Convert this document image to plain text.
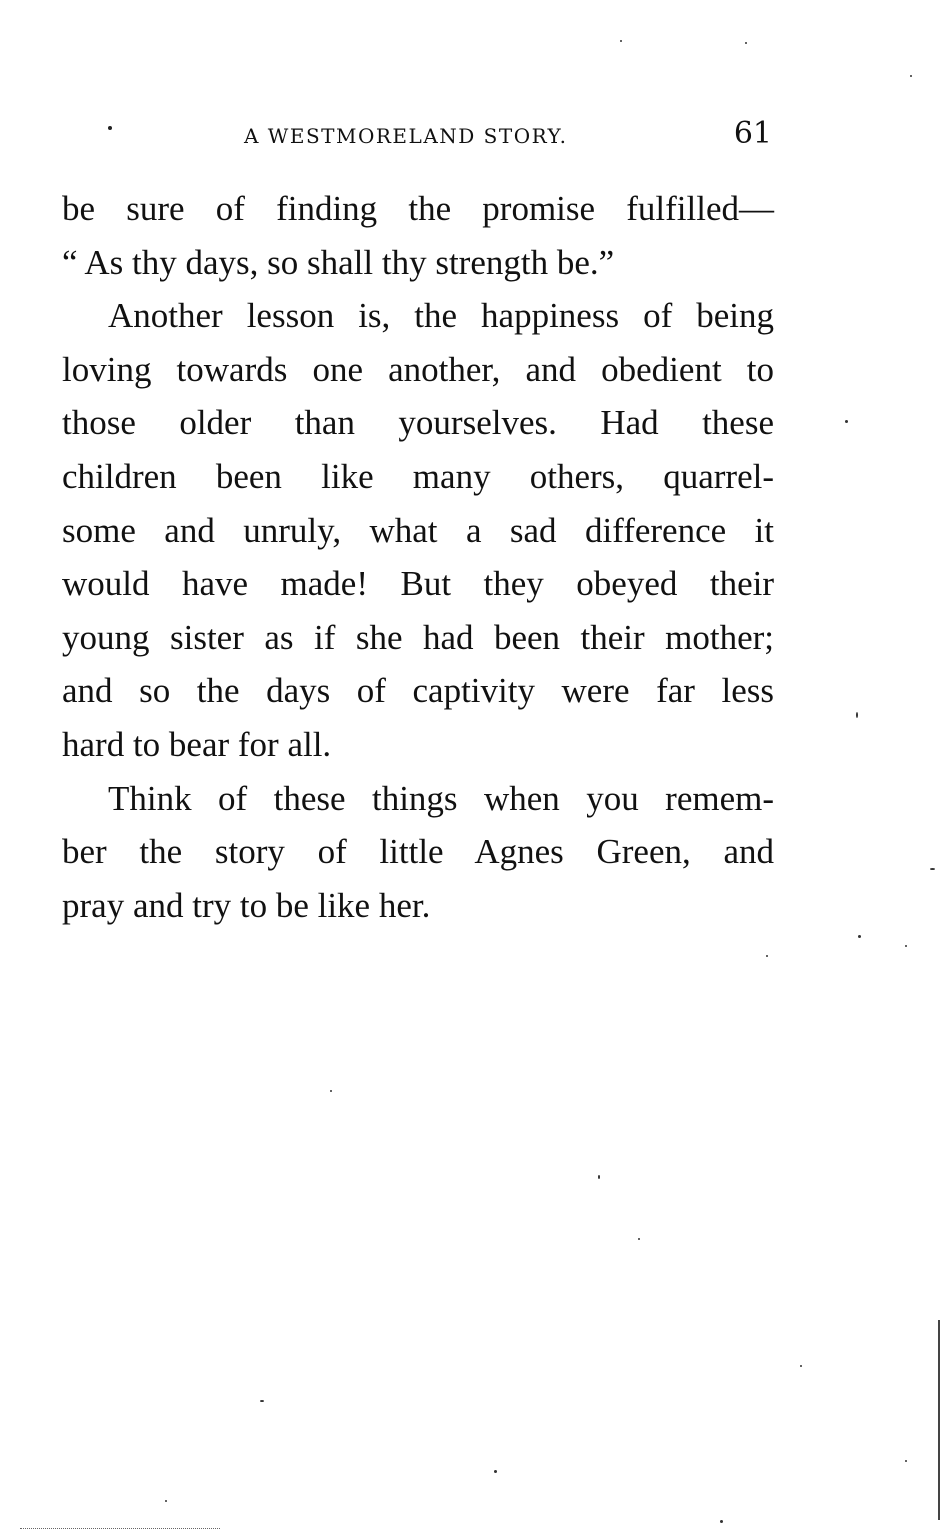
A WESTMORELAND STORY.	61
be sure of finding the promise fulfilled—
“ As thy days, so shall thy strength be.”
Another lesson is, the happiness of being
loving towards one another, and obedient to
those older than yourselves. Had these
children been like many others, quarrel-
some and unruly, what a sad difference it
would have made! But they obeyed their
young sister as if she had been their mother;
and so the days of captivity were far less
hard to bear for all.
Think of these things when you remem-
ber the story of little Agnes Green, and
pray and try to be like her.
